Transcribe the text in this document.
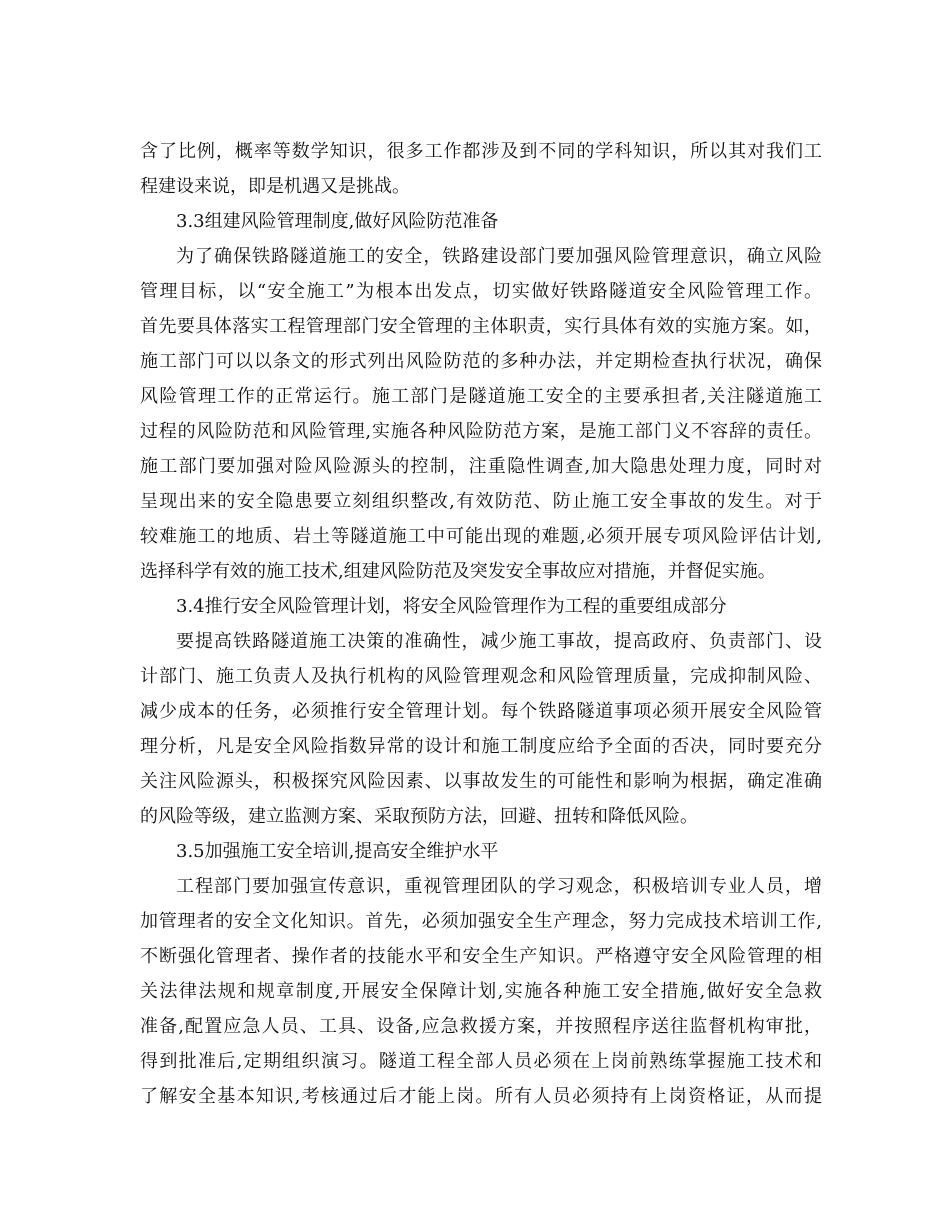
含了比例，概率等数学知识，很多工作都涉及到不同的学科知识，所以其对我们工
程建设来说，即是机遇又是挑战。
3.3组建风险管理制度,做好风险防范准备
为了确保铁路隧道施工的安全，铁路建设部门要加强风险管理意识，确立风险
管理目标，以“安全施工”为根本出发点，切实做好铁路隧道安全风险管理工作。
首先要具体落实工程管理部门安全管理的主体职责，实行具体有效的实施方案。如，
施工部门可以以条文的形式列出风险防范的多种办法，并定期检查执行状况，确保
风险管理工作的正常运行。施工部门是隧道施工安全的主要承担者,关注隧道施工
过程的风险防范和风险管理,实施各种风险防范方案，是施工部门义不容辞的责任。
施工部门要加强对险风险源头的控制，注重隐性调查,加大隐患处理力度，同时对
呈现出来的安全隐患要立刻组织整改,有效防范、防止施工安全事故的发生。对于
较难施工的地质、岩土等隧道施工中可能出现的难题,必须开展专项风险评估计划,
选择科学有效的施工技术,组建风险防范及突发安全事故应对措施，并督促实施。
3.4推行安全风险管理计划，将安全风险管理作为工程的重要组成部分
要提高铁路隧道施工决策的准确性，减少施工事故，提高政府、负责部门、设
计部门、施工负责人及执行机构的风险管理观念和风险管理质量，完成抑制风险、
减少成本的任务，必须推行安全管理计划。每个铁路隧道事项必须开展安全风险管
理分析，凡是安全风险指数异常的设计和施工制度应给予全面的否决，同时要充分
关注风险源头，积极探究风险因素、以事故发生的可能性和影响为根据，确定准确
的风险等级，建立监测方案、采取预防方法，回避、扭转和降低风险。
3.5加强施工安全培训,提高安全维护水平
工程部门要加强宣传意识，重视管理团队的学习观念，积极培训专业人员，增
加管理者的安全文化知识。首先，必须加强安全生产理念，努力完成技术培训工作,
不断强化管理者、操作者的技能水平和安全生产知识。严格遵守安全风险管理的相
关法律法规和规章制度,开展安全保障计划,实施各种施工安全措施,做好安全急救
准备,配置应急人员、工具、设备,应急救援方案，并按照程序送往监督机构审批，
得到批准后,定期组织演习。隧道工程全部人员必须在上岗前熟练掌握施工技术和
了解安全基本知识,考核通过后才能上岗。所有人员必须持有上岗资格证，从而提
